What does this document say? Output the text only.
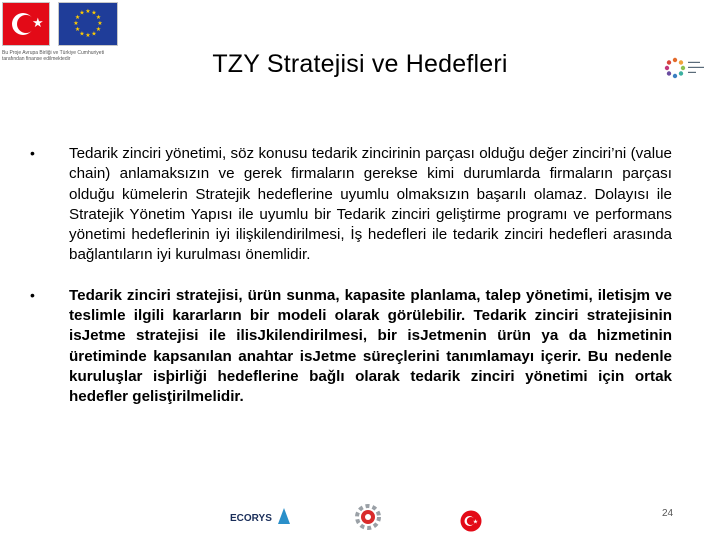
★
★ ★
★
★
★
★
★
★
★
★
★
★
Bu Proje Avrupa Birliği ve Türkiye Cumhuriyeti tarafından finanse edilmektedir	TZY Stratejisi ve Hedefleri	▬▬▬
▬▬▬▬
▬▬
• Tedarik zinciri yönetimi, söz konusu tedarik zincirinin parçası olduğu değer zinciri’ni (value chain) anlamaksızın ve gerek firmaların gerekse kimi durumlarda firmaların parçası olduğu kümelerin Stratejik hedeflerine uyumlu olmaksızın başarılı olamaz. Dolayısı ile Stratejik Yönetim Yapısı ile uyumlu bir Tedarik zinciri geliştirme programı ve performans yönetimi hedeflerinin iyi ilişkilendirilmesi, İş hedefleri ile tedarik zinciri hedefleri arasında bağlantıların iyi kurulması önemlidir.
• Tedarik zinciri stratejisi, ürün sunma, kapasite planlama, talep yönetimi, iletisjm ve teslimle ilgili kararların bir modeli olarak görülebilir. Tedarik zinciri stratejisinin isJetme stratejisi ile ilisJkilendirilmesi, bir isJetmenin ürün ya da hizmetinin üretiminde kapsanılan anahtar isJetme süreçlerini tanımlamayı içerir. Bu nedenle kuruluşlar isþirliǧi hedeflerine baǧlı olarak tedarik zinciri yönetimi için ortak hedefler gelisţirilmelidir.
ECORYS	★
24
